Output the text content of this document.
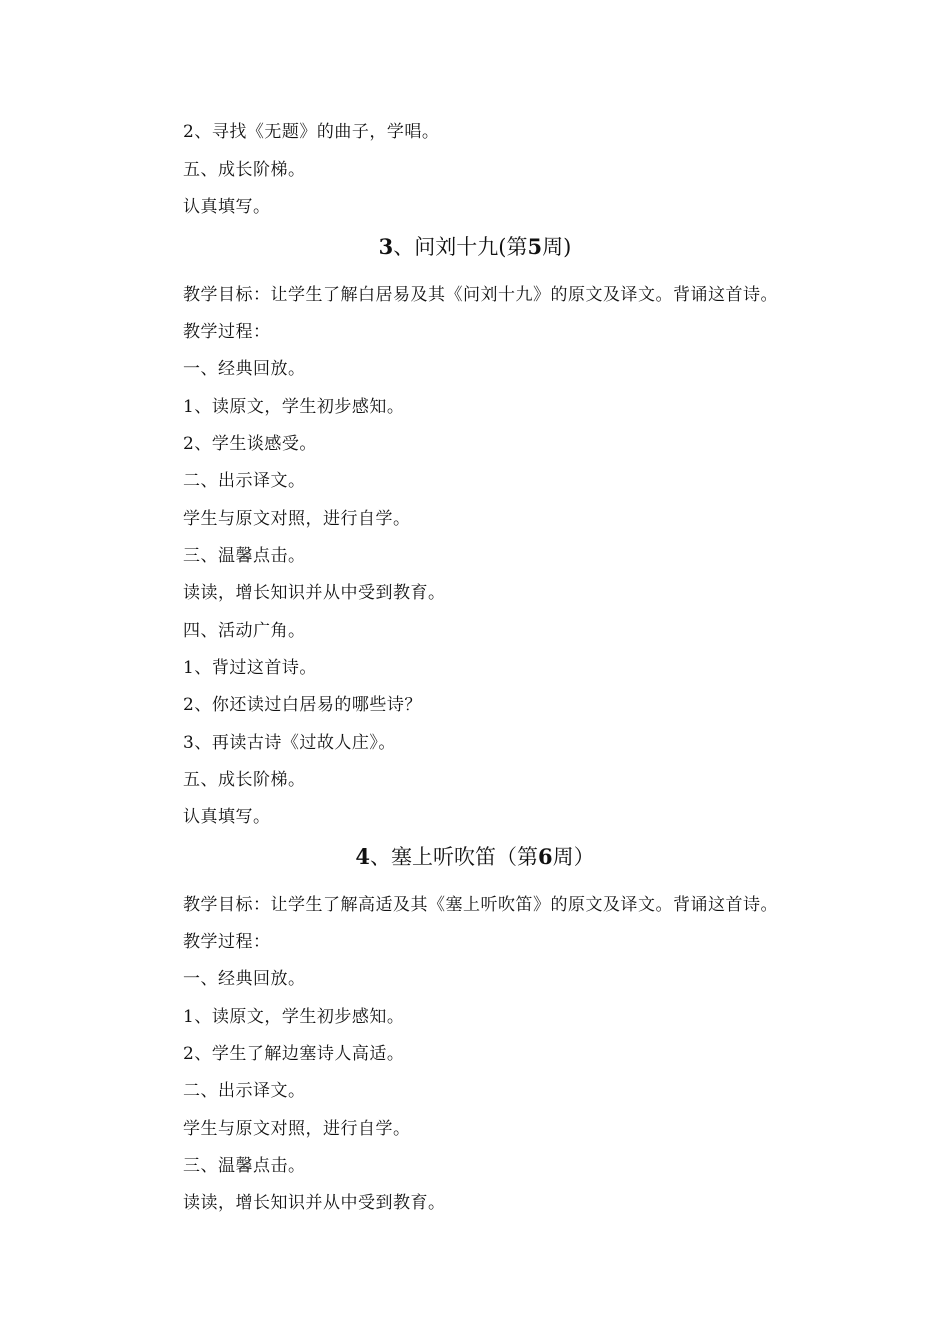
2、寻找《无题》的曲子，学唱。
五、成长阶梯。
认真填写。
3、问刘十九(第5周)
教学目标：让学生了解白居易及其《问刘十九》的原文及译文。背诵这首诗。
教学过程：
一、经典回放。
1、读原文，学生初步感知。
2、学生谈感受。
二、出示译文。
学生与原文对照，进行自学。
三、温馨点击。
读读，增长知识并从中受到教育。
四、活动广角。
1、背过这首诗。
2、你还读过白居易的哪些诗？
3、再读古诗《过故人庄》。
五、成长阶梯。
认真填写。
4、塞上听吹笛（第6周）
教学目标：让学生了解高适及其《塞上听吹笛》的原文及译文。背诵这首诗。
教学过程：
一、经典回放。
1、读原文，学生初步感知。
2、学生了解边塞诗人高适。
二、出示译文。
学生与原文对照，进行自学。
三、温馨点击。
读读，增长知识并从中受到教育。
